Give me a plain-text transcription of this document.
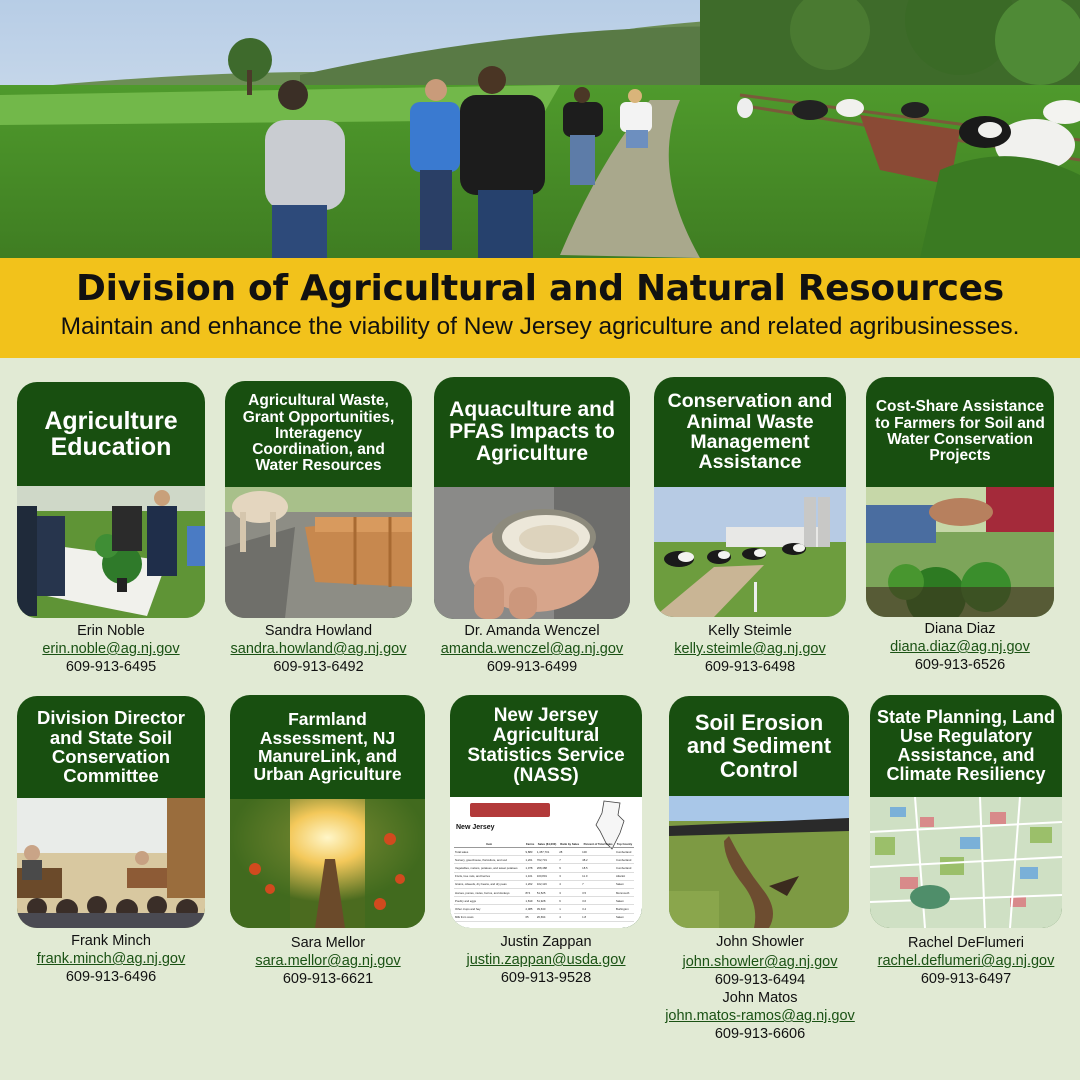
Division of Agricultural and Natural Resources

Maintain and enhance the viability of New Jersey agriculture and related agribusinesses.

Agriculture Education
Agricultural Waste, Grant Opportunities, Interagency Coordination, and Water Resources
Aquaculture and PFAS Impacts to Agriculture
Conservation and Animal Waste Management Assistance
Cost-Share Assistance to Farmers for Soil and Water Conservation Projects
Erin Noble
erin.noble@ag.nj.gov
609-913-6495
Sandra Howland
sandra.howland@ag.nj.gov
609-913-6492
Dr. Amanda Wenczel
amanda.wenczel@ag.nj.gov
609-913-6499
Kelly Steimle
kelly.steimle@ag.nj.gov
609-913-6498
Diana Diaz
diana.diaz@ag.nj.gov
609-913-6526
Division Director and State Soil Conservation Committee
Farmland Assessment, NJ ManureLink, and Urban Agriculture
New Jersey Agricultural Statistics Service (NASS)
New Jersey
Item	Farms	Sales ($1,000)	Rank by Sales	Percent of Total Sales	Top County
Total sales	9,883	1,457,701	28	100	Cumberland
Nursery, greenhouse, floriculture, and sod	1,201	702,731	7	48.2	Cumberland
Vegetables, melons, potatoes, and sweet potatoes	1,078	268,488	9	18.5	Cumberland
Fruits, tree nuts, and berries	1,101	160,801	3	11.0	Atlantic
Grains, oilseeds, dry beans, and dry peas	1,202	102,116	4	7	Salem
Horses, ponies, mules, burros, and donkeys	874	51,525	3	3.5	Monmouth
Poultry and eggs	1,819	51,928	6	3.6	Salem
Other crops and hay	2,085	39,630	1	3.4	Burlington
Milk from cows	65	26,694	4	1.8	Salem
Soil Erosion and Sediment Control
State Planning, Land Use Regulatory Assistance, and Climate Resiliency
Frank Minch
frank.minch@ag.nj.gov
609-913-6496
Sara Mellor
sara.mellor@ag.nj.gov
609-913-6621
Justin Zappan
justin.zappan@usda.gov
609-913-9528
John Showler
john.showler@ag.nj.gov
609-913-6494
John Matos
john.matos-ramos@ag.nj.gov
609-913-6606
Rachel DeFlumeri
rachel.deflumeri@ag.nj.gov
609-913-6497
